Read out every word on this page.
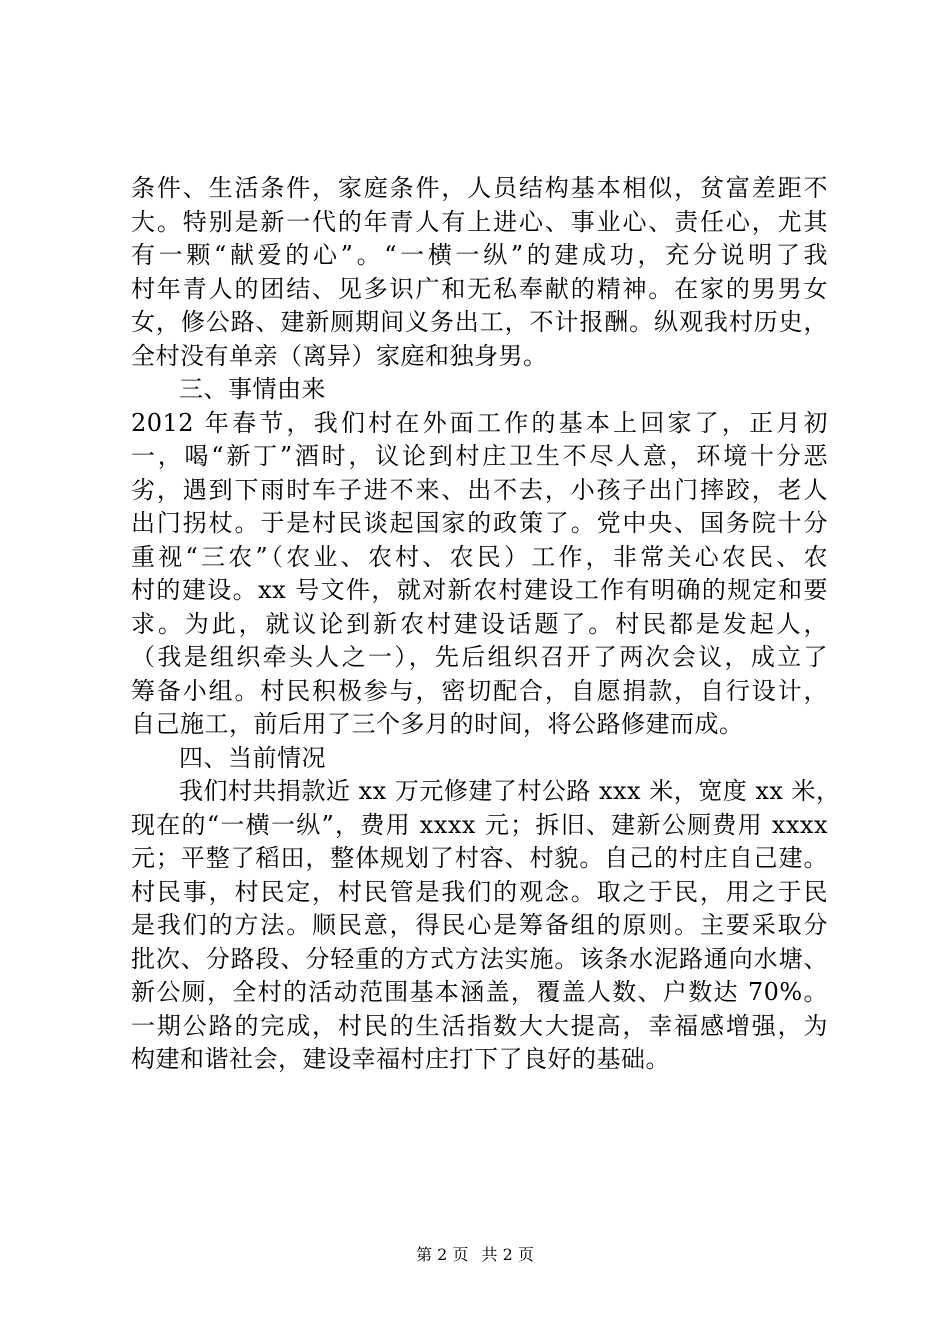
条件、生活条件，家庭条件，人员结构基本相似，贫富差距不
大。特别是新一代的年青人有上进心、事业心、责任心，尤其
有一颗“献爱的心”。“一横一纵”的建成功，充分说明了我
村年青人的团结、见多识广和无私奉献的精神。在家的男男女
女，修公路、建新厕期间义务出工，不计报酬。纵观我村历史，
全村没有单亲（离异）家庭和独身男。
三、事情由来
2012 年春节，我们村在外面工作的基本上回家了，正月初
一，喝“新丁”酒时，议论到村庄卫生不尽人意，环境十分恶
劣，遇到下雨时车子进不来、出不去，小孩子出门摔跤，老人
出门拐杖。于是村民谈起国家的政策了。党中央、国务院十分
重视“三农”（农业、农村、农民）工作，非常关心农民、农
村的建设。xx 号文件，就对新农村建设工作有明确的规定和要
求。为此，就议论到新农村建设话题了。村民都是发起人，
（我是组织牵头人之一），先后组织召开了两次会议，成立了
筹备小组。村民积极参与，密切配合，自愿捐款，自行设计，
自己施工，前后用了三个多月的时间，将公路修建而成。
四、当前情况
我们村共捐款近 xx 万元修建了村公路 xxx 米，宽度 xx 米，
现在的“一横一纵”，费用 xxxx 元；拆旧、建新公厕费用 xxxx
元；平整了稻田，整体规划了村容、村貌。自己的村庄自己建。
村民事，村民定，村民管是我们的观念。取之于民，用之于民
是我们的方法。顺民意，得民心是筹备组的原则。主要采取分
批次、分路段、分轻重的方式方法实施。该条水泥路通向水塘、
新公厕，全村的活动范围基本涵盖，覆盖人数、户数达 70%。
一期公路的完成，村民的生活指数大大提高，幸福感增强，为
构建和谐社会，建设幸福村庄打下了良好的基础。
第 2 页 共 2 页
